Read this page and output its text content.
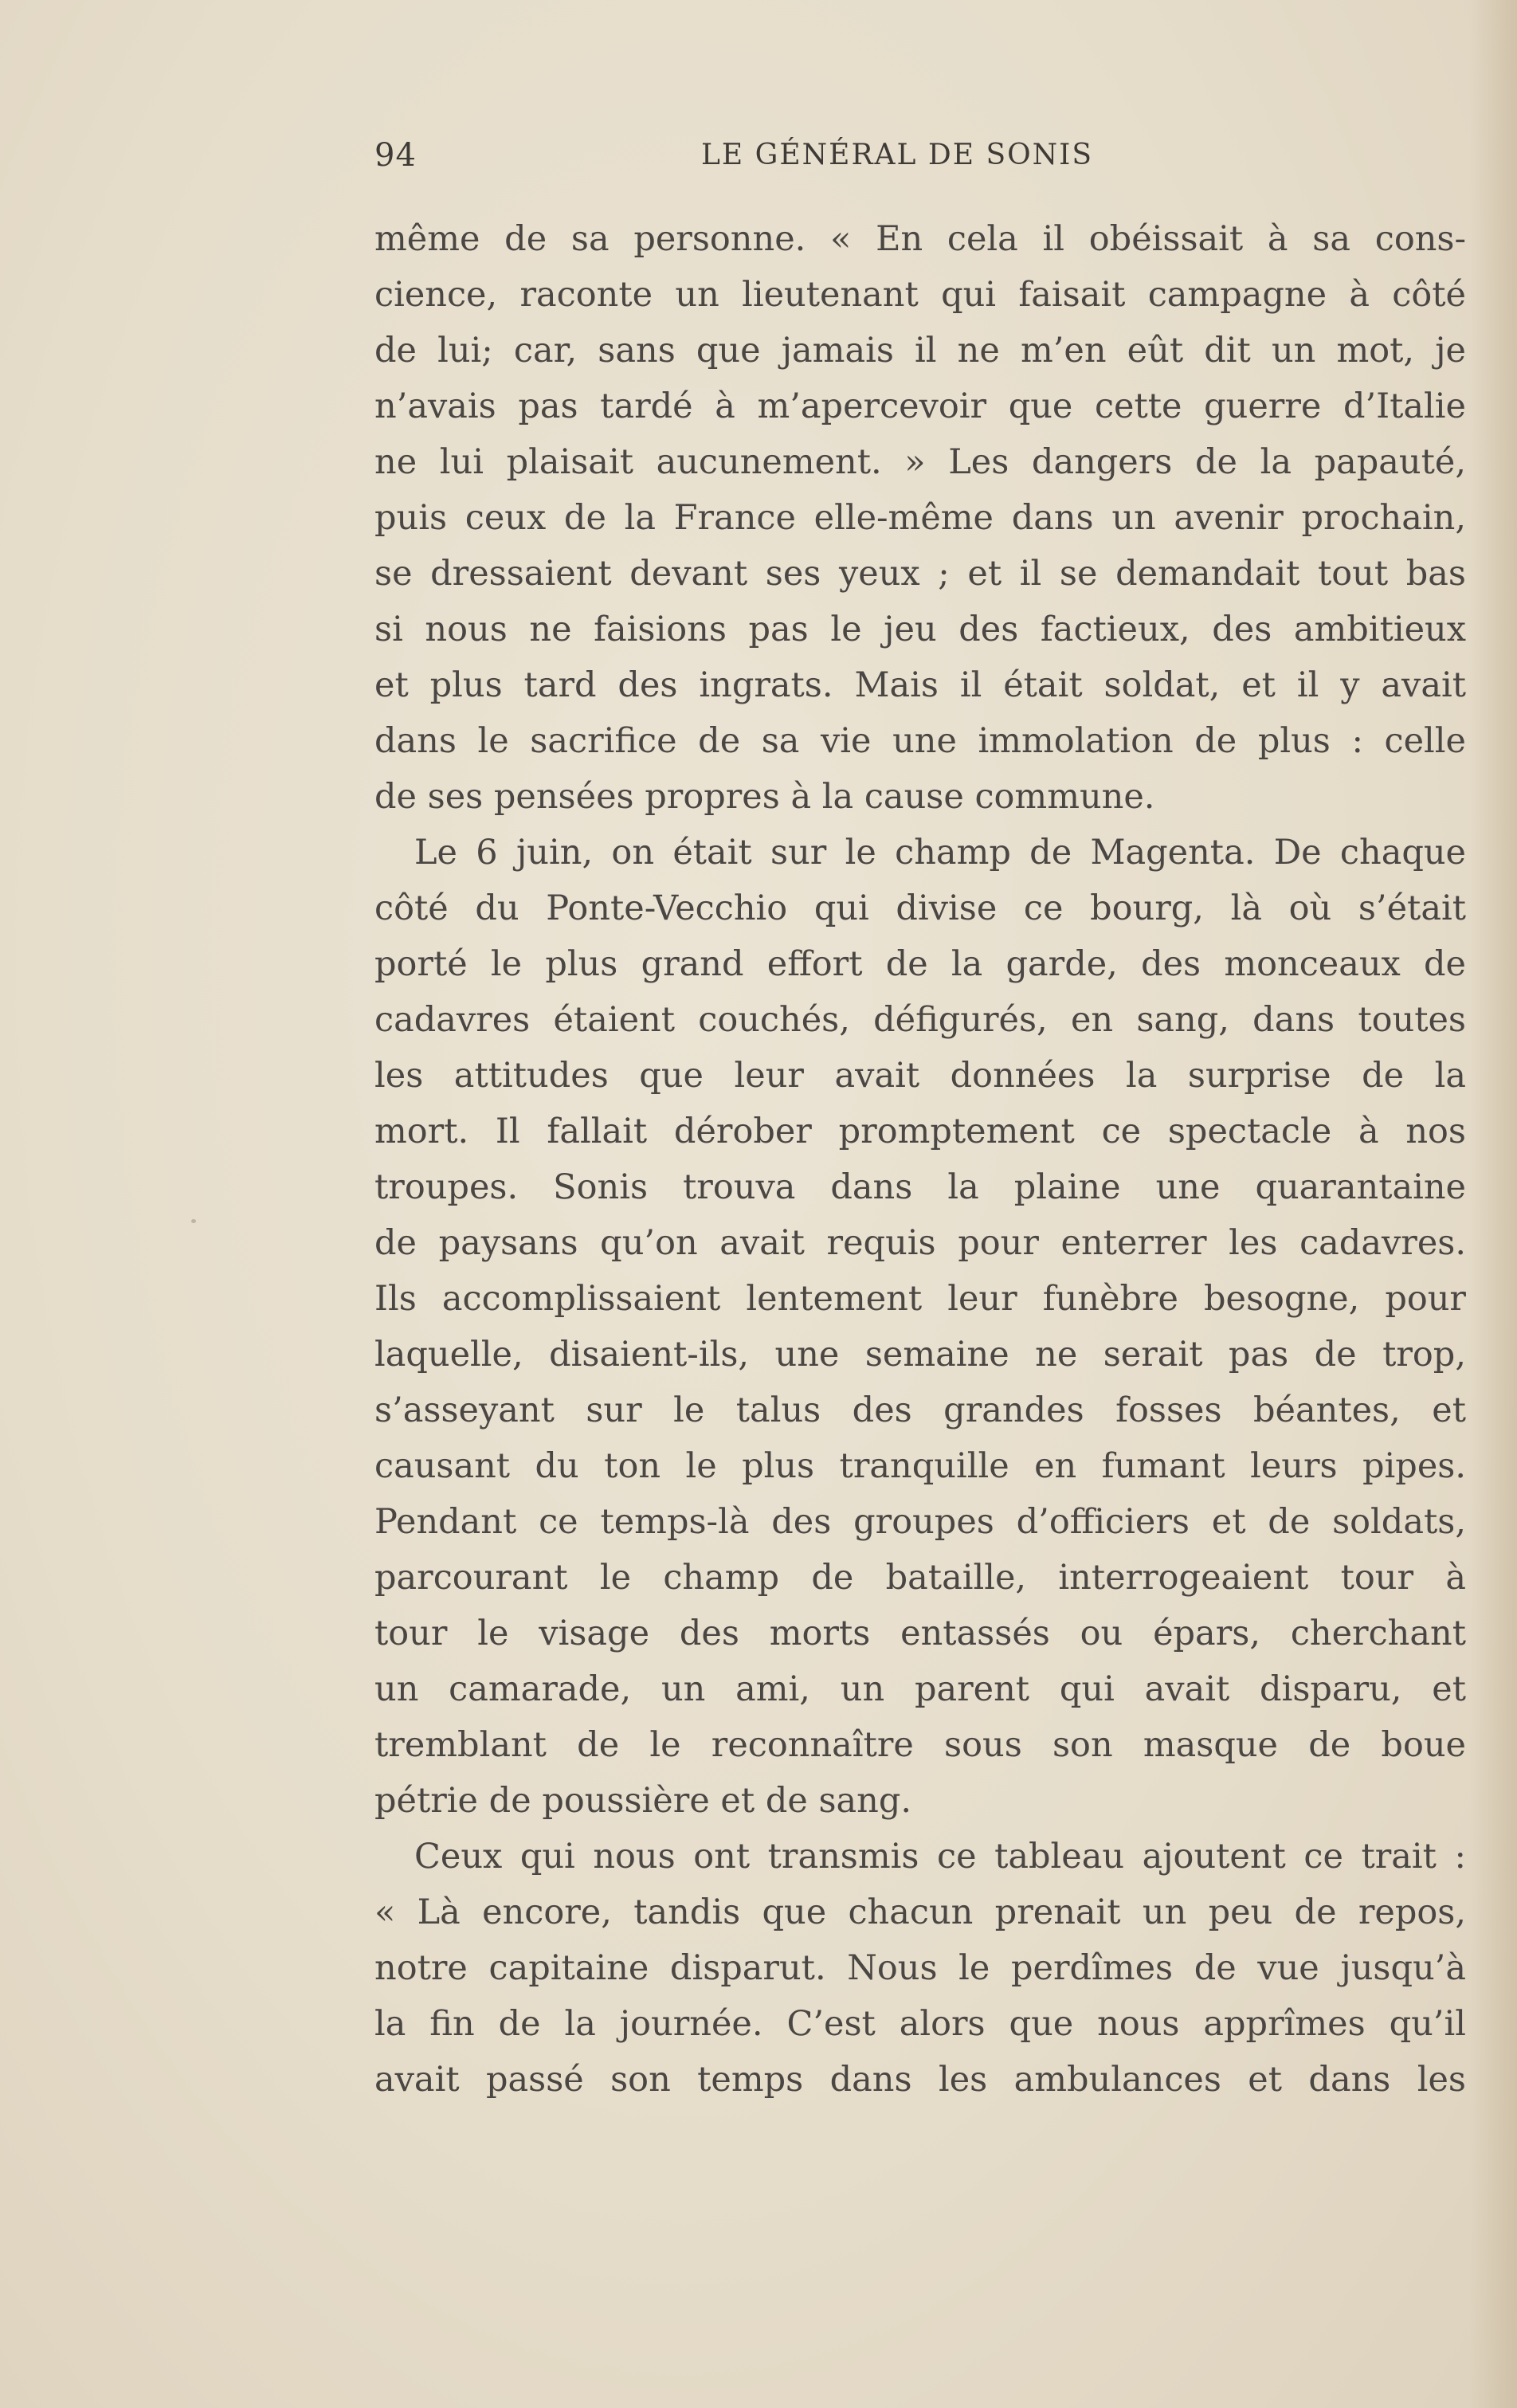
94	LE GÉNÉRAL DE SONIS
même de sa personne. « En cela il obéissait à sa cons-
cience, raconte un lieutenant qui faisait campagne à côté
de lui; car, sans que jamais il ne m’en eût dit un mot, je
n’avais pas tardé à m’apercevoir que cette guerre d’Italie
ne lui plaisait aucunement. » Les dangers de la papauté,
puis ceux de la France elle-même dans un avenir prochain,
se dressaient devant ses yeux ; et il se demandait tout bas
si nous ne faisions pas le jeu des factieux, des ambitieux
et plus tard des ingrats. Mais il était soldat, et il y avait
dans le sacrifice de sa vie une immolation de plus : celle
de ses pensées propres à la cause commune.
Le 6 juin, on était sur le champ de Magenta. De chaque
côté du Ponte-Vecchio qui divise ce bourg, là où s’était
porté le plus grand effort de la garde, des monceaux de
cadavres étaient couchés, défigurés, en sang, dans toutes
les attitudes que leur avait données la surprise de la
mort. Il fallait dérober promptement ce spectacle à nos
troupes. Sonis trouva dans la plaine une quarantaine
de paysans qu’on avait requis pour enterrer les cadavres.
Ils accomplissaient lentement leur funèbre besogne, pour
laquelle, disaient-ils, une semaine ne serait pas de trop,
s’asseyant sur le talus des grandes fosses béantes, et
causant du ton le plus tranquille en fumant leurs pipes.
Pendant ce temps-là des groupes d’officiers et de soldats,
parcourant le champ de bataille, interrogeaient tour à
tour le visage des morts entassés ou épars, cherchant
un camarade, un ami, un parent qui avait disparu, et
tremblant de le reconnaître sous son masque de boue
pétrie de poussière et de sang.
Ceux qui nous ont transmis ce tableau ajoutent ce trait :
« Là encore, tandis que chacun prenait un peu de repos,
notre capitaine disparut. Nous le perdîmes de vue jusqu’à
la fin de la journée. C’est alors que nous apprîmes qu’il
avait passé son temps dans les ambulances et dans les
